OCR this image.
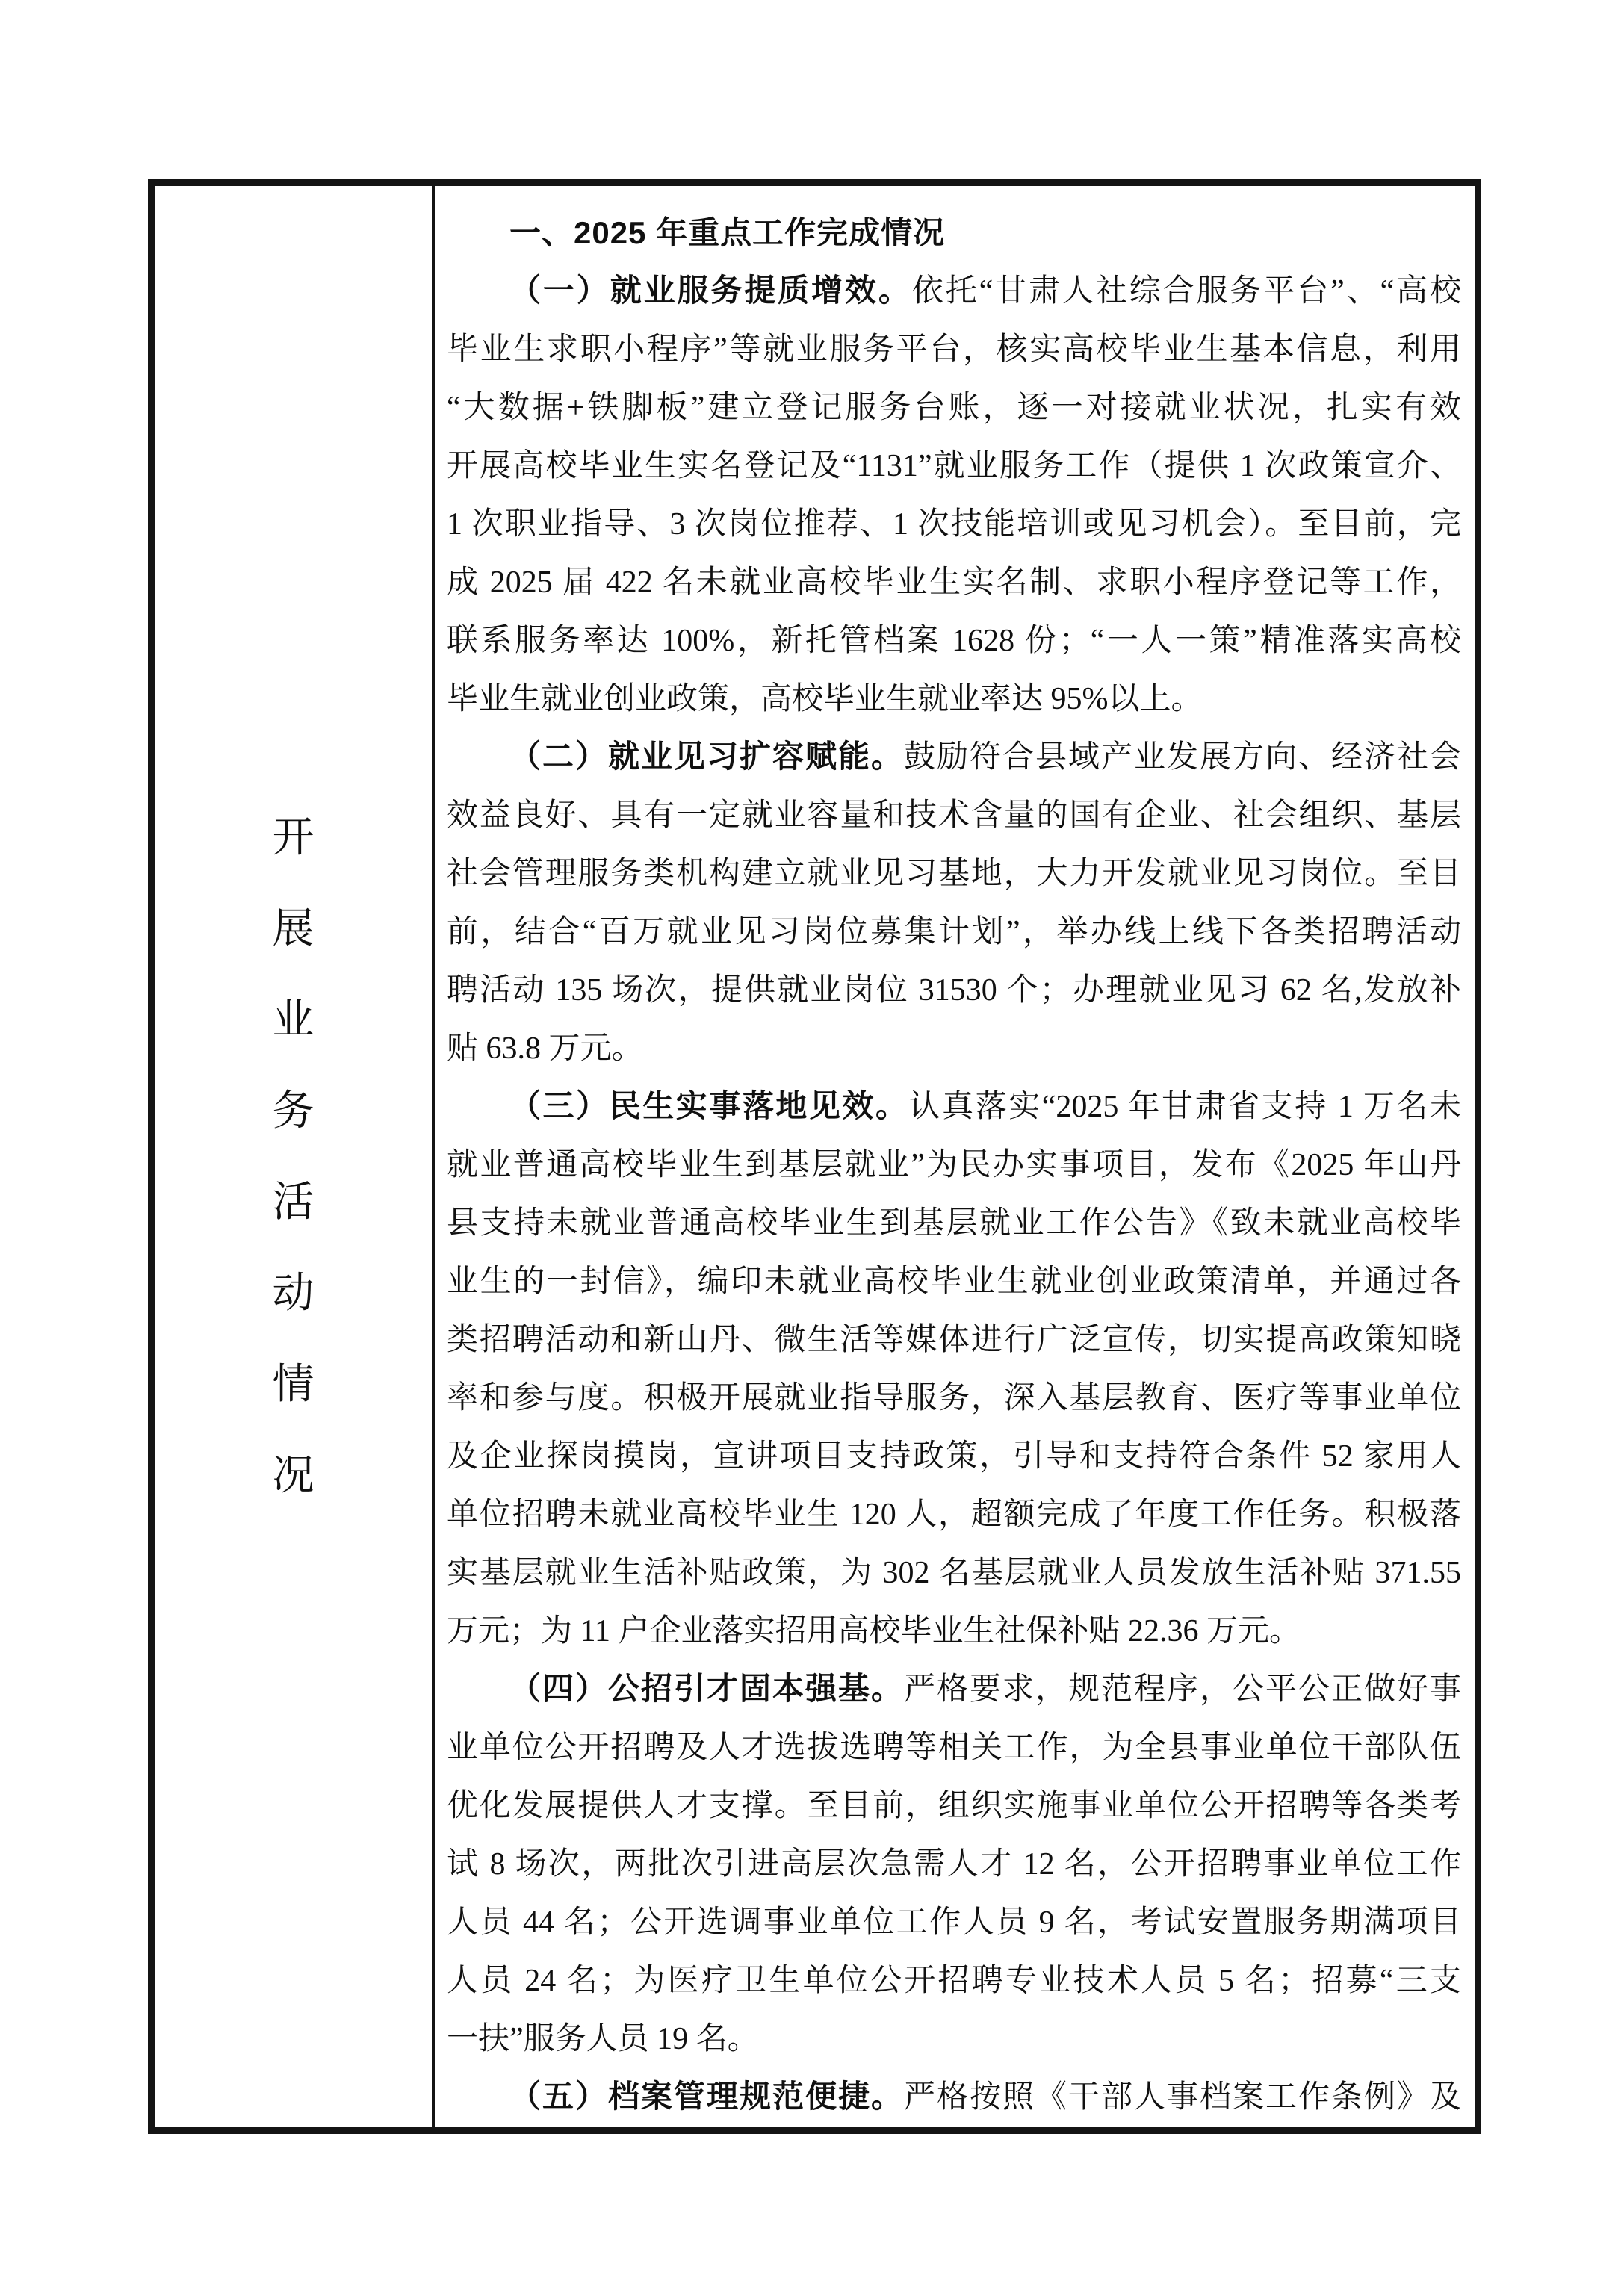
开
展
业
务
活
动
情
况
一、2025 年重点工作完成情况
（一）就业服务提质增效。依托“甘肃人社综合服务平台”、“高校
毕业生求职小程序”等就业服务平台，核实高校毕业生基本信息，利用
“大数据+铁脚板”建立登记服务台账，逐一对接就业状况，扎实有效
开展高校毕业生实名登记及“1131”就业服务工作（提供 1 次政策宣介、
1 次职业指导、3 次岗位推荐、1 次技能培训或见习机会）。至目前，完
成 2025 届 422 名未就业高校毕业生实名制、求职小程序登记等工作，
联系服务率达 100%，新托管档案 1628 份；“一人一策”精准落实高校
毕业生就业创业政策，高校毕业生就业率达 95%以上。
（二）就业见习扩容赋能。鼓励符合县域产业发展方向、经济社会
效益良好、具有一定就业容量和技术含量的国有企业、社会组织、基层
社会管理服务类机构建立就业见习基地，大力开发就业见习岗位。至目
前，结合“百万就业见习岗位募集计划”，举办线上线下各类招聘活动
聘活动 135 场次，提供就业岗位 31530 个；办理就业见习 62 名,发放补
贴 63.8 万元。
（三）民生实事落地见效。认真落实“2025 年甘肃省支持 1 万名未
就业普通高校毕业生到基层就业”为民办实事项目，发布《2025 年山丹
县支持未就业普通高校毕业生到基层就业工作公告》《致未就业高校毕
业生的一封信》，编印未就业高校毕业生就业创业政策清单，并通过各
类招聘活动和新山丹、微生活等媒体进行广泛宣传，切实提高政策知晓
率和参与度。积极开展就业指导服务，深入基层教育、医疗等事业单位
及企业探岗摸岗，宣讲项目支持政策，引导和支持符合条件 52 家用人
单位招聘未就业高校毕业生 120 人，超额完成了年度工作任务。积极落
实基层就业生活补贴政策，为 302 名基层就业人员发放生活补贴 371.55
万元；为 11 户企业落实招用高校毕业生社保补贴 22.36 万元。
（四）公招引才固本强基。严格要求，规范程序，公平公正做好事
业单位公开招聘及人才选拔选聘等相关工作，为全县事业单位干部队伍
优化发展提供人才支撑。至目前，组织实施事业单位公开招聘等各类考
试 8 场次，两批次引进高层次急需人才 12 名，公开招聘事业单位工作
人员 44 名；公开选调事业单位工作人员 9 名，考试安置服务期满项目
人员 24 名；为医疗卫生单位公开招聘专业技术人员 5 名；招募“三支
一扶”服务人员 19 名。
（五）档案管理规范便捷。严格按照《干部人事档案工作条例》及
